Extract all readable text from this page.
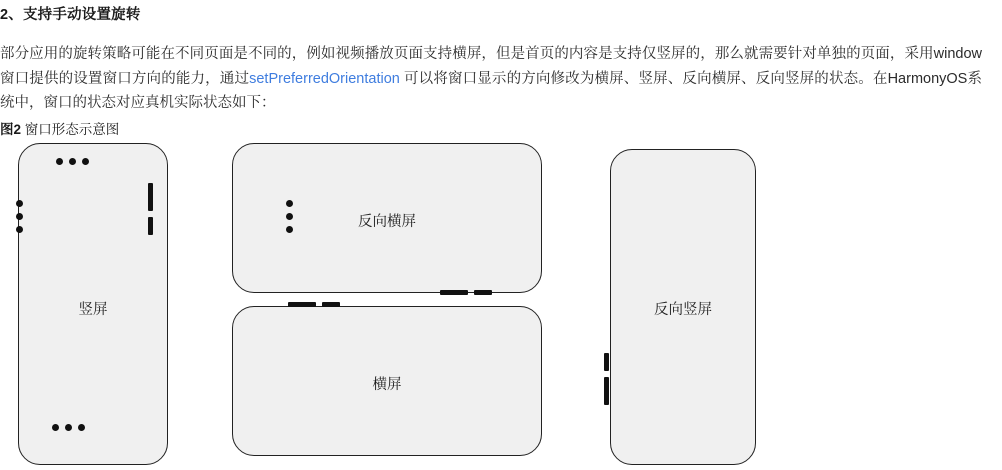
2、支持手动设置旋转
部分应用的旋转策略可能在不同页面是不同的，例如视频播放页面支持横屏，但是首页的内容是支持仅竖屏的，那么就需要针对单独的页面，采用window窗口提供的设置窗口方向的能力，通过setPreferredOrientation 可以将窗口显示的方向修改为横屏、竖屏、反向横屏、反向竖屏的状态。在HarmonyOS系统中，窗口的状态对应真机实际状态如下：
图2 窗口形态示意图
竖屏
反向横屏
横屏
反向竖屏
